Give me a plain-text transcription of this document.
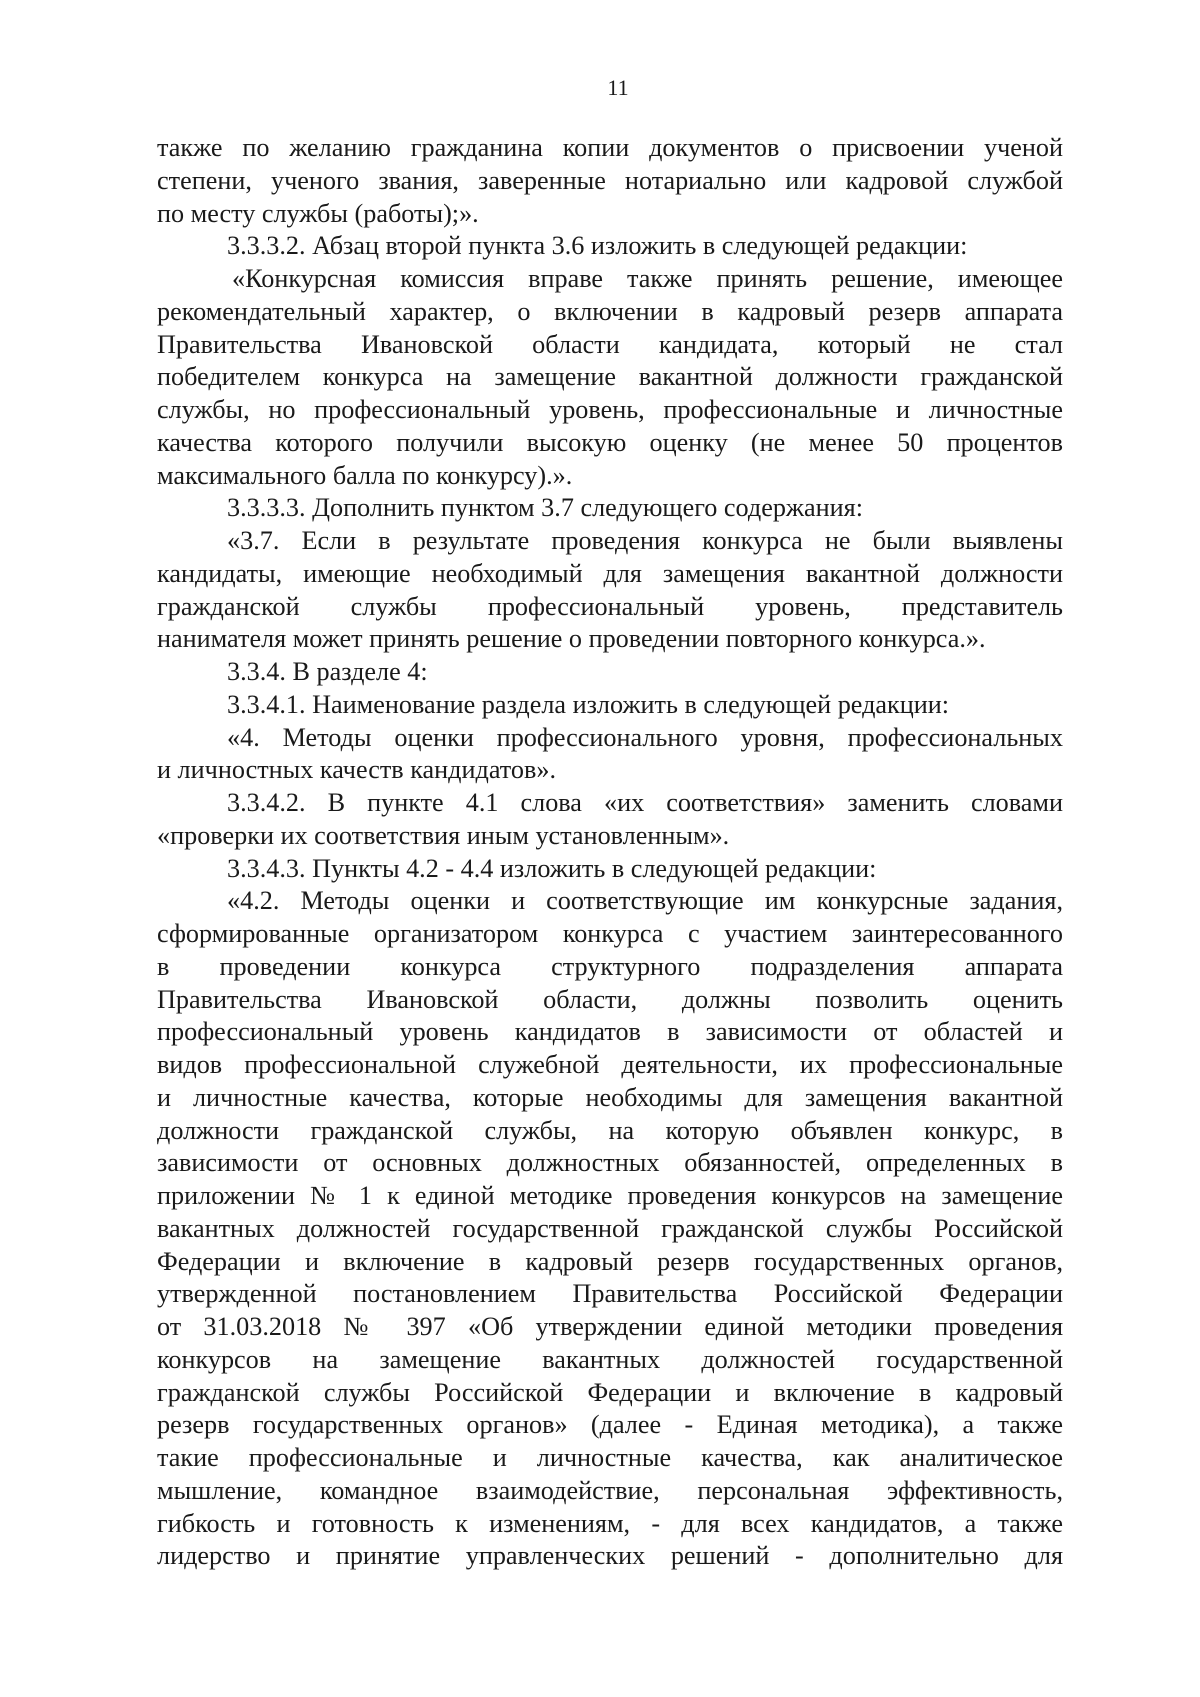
11
также по желанию гражданина копии документов о присвоении ученой
степени, ученого звания, заверенные нотариально или кадровой службой
по месту службы (работы);».
3.3.3.2. Абзац второй пункта 3.6 изложить в следующей редакции:
«Конкурсная комиссия вправе также принять решение, имеющее
рекомендательный характер, о включении в кадровый резерв аппарата
Правительства Ивановской области кандидата, который не стал
победителем конкурса на замещение вакантной должности гражданской
службы, но профессиональный уровень, профессиональные и личностные
качества которого получили высокую оценку (не менее 50 процентов
максимального балла по конкурсу).».
3.3.3.3. Дополнить пунктом 3.7 следующего содержания:
«3.7. Если в результате проведения конкурса не были выявлены
кандидаты, имеющие необходимый для замещения вакантной должности
гражданской службы профессиональный уровень, представитель
нанимателя может принять решение о проведении повторного конкурса.».
3.3.4. В разделе 4:
3.3.4.1. Наименование раздела изложить в следующей редакции:
«4. Методы оценки профессионального уровня, профессиональных
и личностных качеств кандидатов».
3.3.4.2. В пункте 4.1 слова «их соответствия» заменить словами
«проверки их соответствия иным установленным».
3.3.4.3. Пункты 4.2 - 4.4 изложить в следующей редакции:
«4.2. Методы оценки и соответствующие им конкурсные задания,
сформированные организатором конкурса с участием заинтересованного
в проведении конкурса структурного подразделения аппарата
Правительства Ивановской области, должны позволить оценить
профессиональный уровень кандидатов в зависимости от областей и
видов профессиональной служебной деятельности, их профессиональные
и личностные качества, которые необходимы для замещения вакантной
должности гражданской службы, на которую объявлен конкурс, в
зависимости от основных должностных обязанностей, определенных в
приложении № 1 к единой методике проведения конкурсов на замещение
вакантных должностей государственной гражданской службы Российской
Федерации и включение в кадровый резерв государственных органов,
утвержденной постановлением Правительства Российской Федерации
от 31.03.2018 № 397 «Об утверждении единой методики проведения
конкурсов на замещение вакантных должностей государственной
гражданской службы Российской Федерации и включение в кадровый
резерв государственных органов» (далее - Единая методика), а также
такие профессиональные и личностные качества, как аналитическое
мышление, командное взаимодействие, персональная эффективность,
гибкость и готовность к изменениям, - для всех кандидатов, а также
лидерство и принятие управленческих решений - дополнительно для
